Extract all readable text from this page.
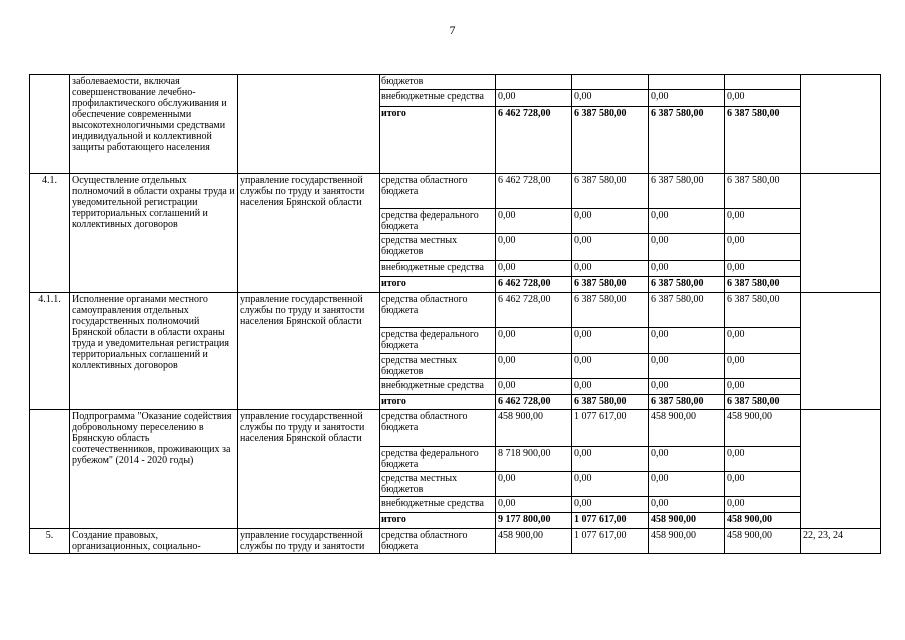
7
	заболеваемости, включая совершенствование лечебно-профилактического обслуживания и обеспечение современными высокотехнологичными средствами индивидуальной и коллективной защиты работающего населения		бюджетов					
			внебюджетные средства	0,00	0,00	0,00	0,00	
			итого	6 462 728,00	6 387 580,00	6 387 580,00	6 387 580,00	
4.1.	Осуществление отдельных полномочий в области охраны труда и уведомительной регистрации территориальных соглашений и коллективных договоров	управление государственной службы по труду и занятости населения Брянской области	средства областного бюджета	6 462 728,00	6 387 580,00	6 387 580,00	6 387 580,00	
			средства федерального бюджета	0,00	0,00	0,00	0,00	
			средства местных бюджетов	0,00	0,00	0,00	0,00	
			внебюджетные средства	0,00	0,00	0,00	0,00	
			итого	6 462 728,00	6 387 580,00	6 387 580,00	6 387 580,00	
4.1.1.	Исполнение органами местного самоуправления отдельных государственных полномочий Брянской области в области охраны труда и уведомительная регистрация территориальных соглашений и коллективных договоров	управление государственной службы по труду и занятости населения Брянской области	средства областного бюджета	6 462 728,00	6 387 580,00	6 387 580,00	6 387 580,00	
			средства федерального бюджета	0,00	0,00	0,00	0,00	
			средства местных бюджетов	0,00	0,00	0,00	0,00	
			внебюджетные средства	0,00	0,00	0,00	0,00	
			итого	6 462 728,00	6 387 580,00	6 387 580,00	6 387 580,00	
	Подпрограмма "Оказание содействия добровольному переселению в Брянскую область соотечественников, проживающих за рубежом" (2014 - 2020 годы)	управление государственной службы по труду и занятости населения Брянской области	средства областного бюджета	458 900,00	1 077 617,00	458 900,00	458 900,00	
			средства федерального бюджета	8 718 900,00	0,00	0,00	0,00	
			средства местных бюджетов	0,00	0,00	0,00	0,00	
			внебюджетные средства	0,00	0,00	0,00	0,00	
			итого	9 177 800,00	1 077 617,00	458 900,00	458 900,00	
5.	Создание правовых, организационных, социально-	управление государственной службы по труду и занятости	средства областного бюджета	458 900,00	1 077 617,00	458 900,00	458 900,00	22, 23, 24
